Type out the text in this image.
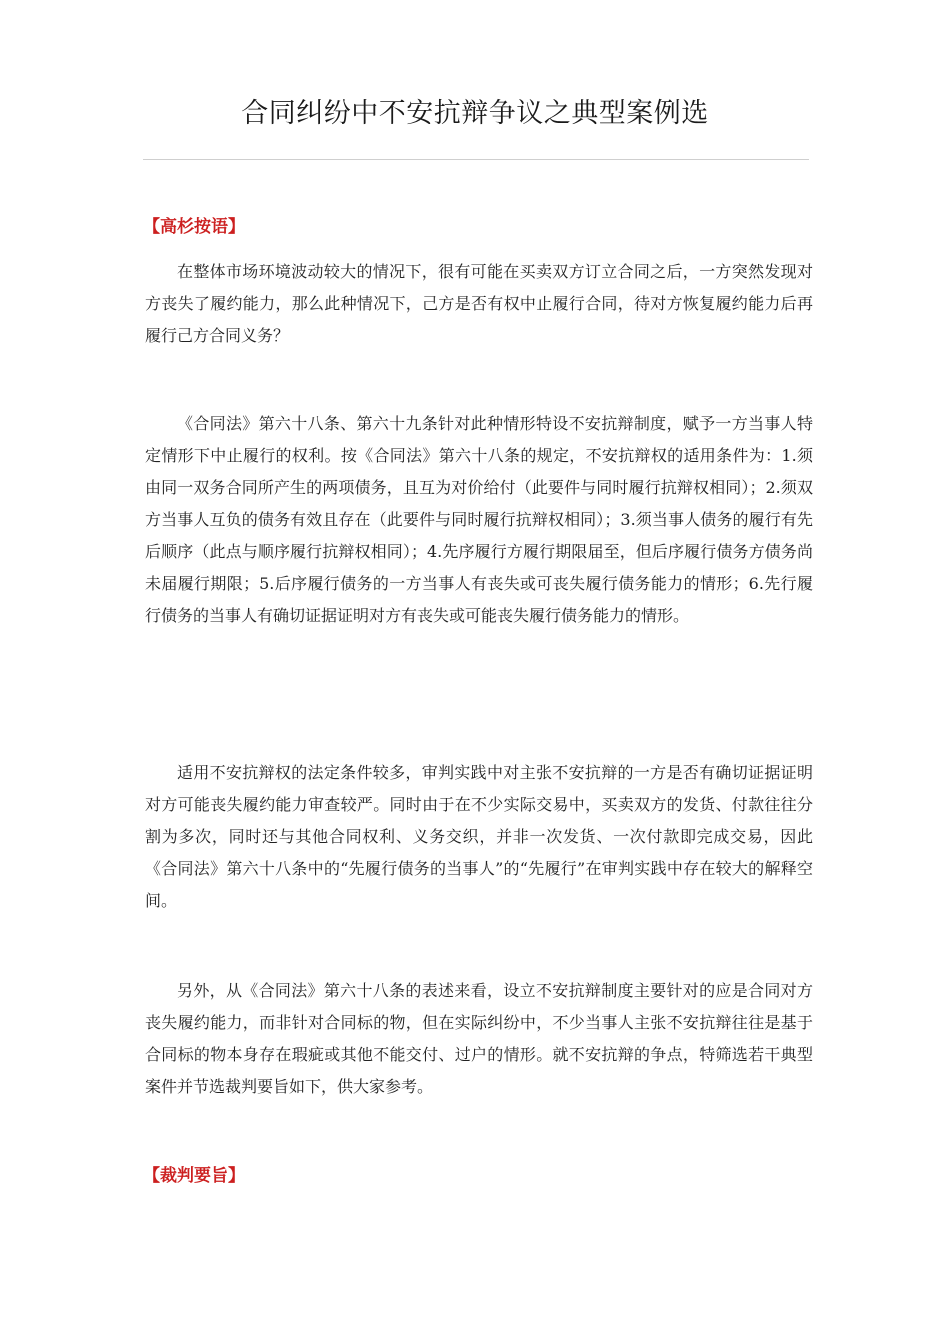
合同纠纷中不安抗辩争议之典型案例选
【高杉按语】

在整体市场环境波动较大的情况下，很有可能在买卖双方订立合同之后，一方突然发现对方丧失了履约能力，那么此种情况下，己方是否有权中止履行合同，待对方恢复履约能力后再履行己方合同义务？

《合同法》第六十八条、第六十九条针对此种情形特设不安抗辩制度，赋予一方当事人特定情形下中止履行的权利。按《合同法》第六十八条的规定，不安抗辩权的适用条件为：1.须由同一双务合同所产生的两项债务，且互为对价给付（此要件与同时履行抗辩权相同）；2.须双方当事人互负的债务有效且存在（此要件与同时履行抗辩权相同）；3.须当事人债务的履行有先后顺序（此点与顺序履行抗辩权相同）；4.先序履行方履行期限届至，但后序履行债务方债务尚未届履行期限；5.后序履行债务的一方当事人有丧失或可丧失履行债务能力的情形；6.先行履行债务的当事人有确切证据证明对方有丧失或可能丧失履行债务能力的情形。

适用不安抗辩权的法定条件较多，审判实践中对主张不安抗辩的一方是否有确切证据证明对方可能丧失履约能力审查较严。同时由于在不少实际交易中，买卖双方的发货、付款往往分割为多次，同时还与其他合同权利、义务交织，并非一次发货、一次付款即完成交易，因此《合同法》第六十八条中的“先履行债务的当事人”的“先履行”在审判实践中存在较大的解释空间。

另外，从《合同法》第六十八条的表述来看，设立不安抗辩制度主要针对的应是合同对方丧失履约能力，而非针对合同标的物，但在实际纠纷中，不少当事人主张不安抗辩往往是基于合同标的物本身存在瑕疵或其他不能交付、过户的情形。就不安抗辩的争点，特筛选若干典型案件并节选裁判要旨如下，供大家参考。

【裁判要旨】
